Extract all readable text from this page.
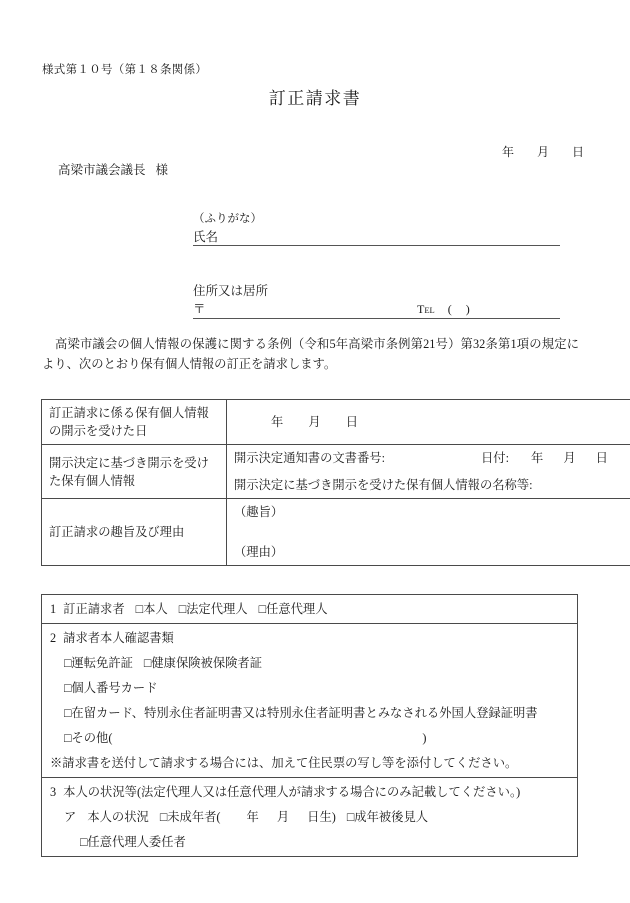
様式第１０号（第１８条関係）
訂正請求書
年 月 日
高梁市議会議長 様
（ふりがな）
氏名
住所又は居所
〒	TEL ()
高梁市議会の個人情報の保護に関する条例（令和5年高梁市条例第21号）第32条第1項の規定により、次のとおり保有個人情報の訂正を請求します。
訂正請求に係る保有個人情報
の開示を受けた日	年 月 日

開示決定に基づき開示を受け
た保有個人情報

開示決定通知書の文書番号:	日付: 年 月 日
開示決定に基づき開示を受けた保有個人情報の名称等:

訂正請求の趣旨及び理由	（趣旨）
（理由）
1 訂正請求者 □本人 □法定代理人 □任意代理人

2 請求者本人確認書類
□運転免許証 □健康保険被保険者証
□個人番号カード
□在留カード、特別永住者証明書又は特別永住者証明書とみなされる外国人登録証明書
□その他(	)
※請求書を送付して請求する場合には、加えて住民票の写し等を添付してください。

3 本人の状況等(法定代理人又は任意代理人が請求する場合にのみ記載してください。)
ア 本人の状況 □未成年者( 年 月 日生) □成年被後見人
□任意代理人委任者
